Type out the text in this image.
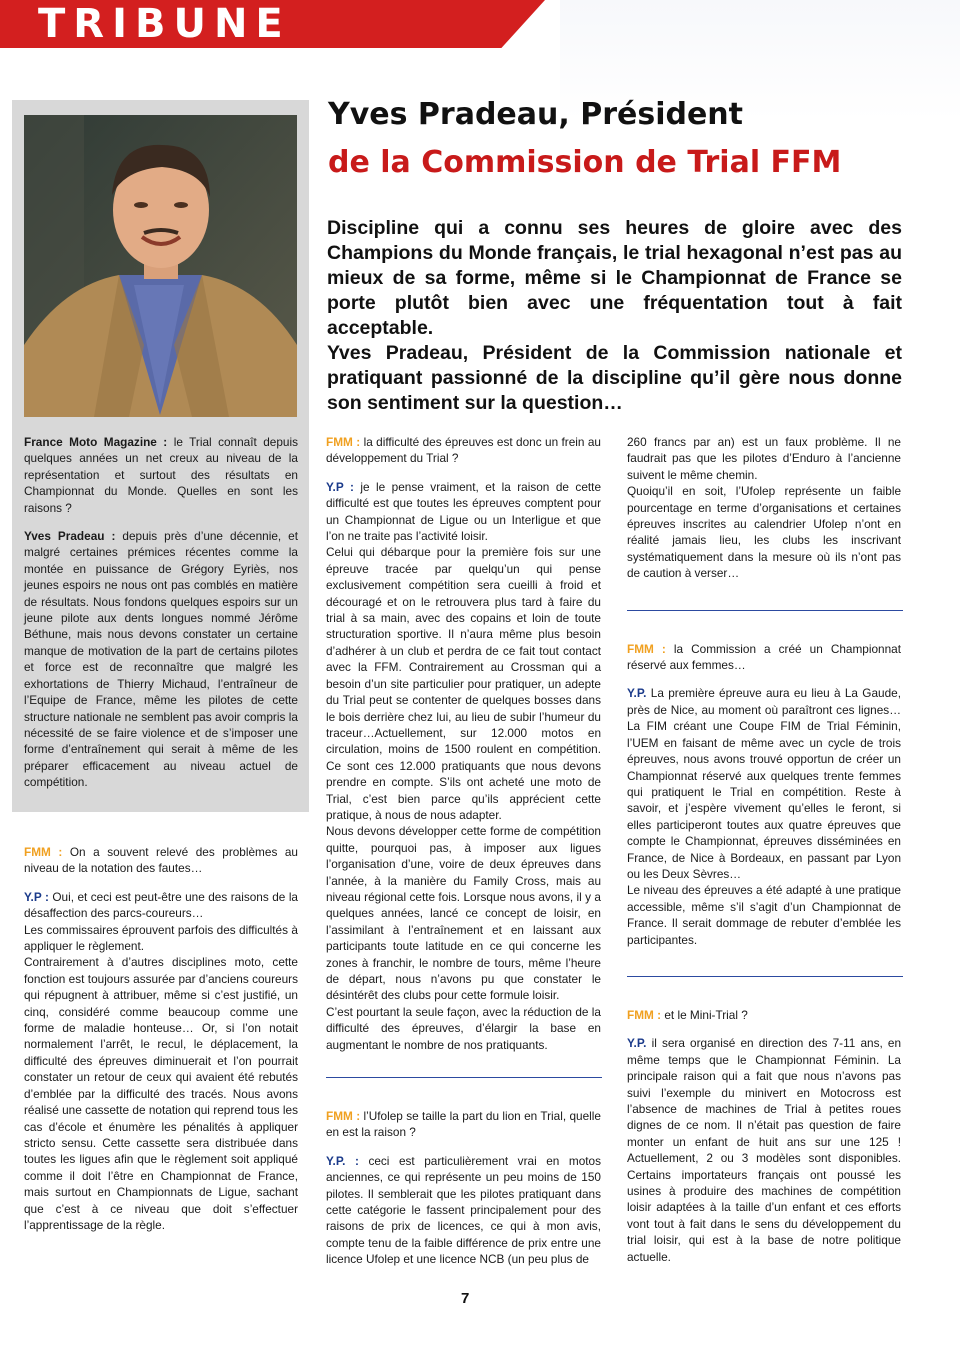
TRIBUNE
Yves Pradeau, Président
de la Commission de Trial FFM

Discipline qui a connu ses heures de gloire avec des Champions du Monde français, le trial hexagonal n’est pas au mieux de sa forme, même si le Championnat de France se porte plutôt bien avec une fréquentation tout à fait acceptable.

Yves Pradeau, Président de la Commission nationale et pratiquant passionné de la discipline qu’il gère nous donne son sentiment sur la question…

France Moto Magazine : le Trial connaît depuis quelques années un net creux au niveau de la représentation et surtout des résultats en Championnat du Monde. Quelles en sont les raisons ?

Yves Pradeau : depuis près d’une décennie, et malgré certaines prémices récentes comme la montée en puissance de Grégory Eyriès, nos jeunes espoirs ne nous ont pas comblés en matière de résultats. Nous fondons quelques espoirs sur un jeune pilote aux dents longues nommé Jérôme Béthune, mais nous devons constater un certaine manque de motivation de la part de certains pilotes et force est de reconnaître que malgré les exhortations de Thierry Michaud, l’entraîneur de l’Equipe de France, même les pilotes de cette structure nationale ne semblent pas avoir compris la nécessité de se faire violence et de s’imposer une forme d’entraînement qui serait à même de les préparer efficacement au niveau actuel de compétition.

FMM : On a souvent relevé des problèmes au niveau de la notation des fautes…

Y.P : Oui, et ceci est peut-être une des raisons de la désaffection des parcs-coureurs…

Les commissaires éprouvent parfois des difficultés à appliquer le règlement.

Contrairement à d’autres disciplines moto, cette fonction est toujours assurée par d’anciens coureurs qui répugnent à attribuer, même si c’est justifié, un cinq, considéré comme beaucoup comme une forme de maladie honteuse… Or, si l’on notait normalement l’arrêt, le recul, le déplacement, la difficulté des épreuves diminuerait et l’on pourrait constater un retour de ceux qui avaient été rebutés d’emblée par la difficulté des tracés. Nous avons réalisé une cassette de notation qui reprend tous les cas d’école et énumère les pénalités à appliquer stricto sensu. Cette cassette sera distribuée dans toutes les ligues afin que le règlement soit appliqué comme il doit l’être en Championnat de France, mais surtout en Championnats de Ligue, sachant que c’est à ce niveau que doit s’effectuer l’apprentissage de la règle.

FMM : la difficulté des épreuves est donc un frein au développement du Trial ?

Y.P : je le pense vraiment, et la raison de cette difficulté est que toutes les épreuves comptent pour un Championnat de Ligue ou un Interligue et que l’on ne traite pas l’activité loisir.

Celui qui débarque pour la première fois sur une épreuve tracée par quelqu’un qui pense exclusivement compétition sera cueilli à froid et découragé et on le retrouvera plus tard à faire du trial à sa main, avec des copains et loin de toute structuration sportive. Il n’aura même plus besoin d’adhérer à un club et perdra de ce fait tout contact avec la FFM. Contrairement au Crossman qui a besoin d’un site particulier pour pratiquer, un adepte du Trial peut se contenter de quelques bosses dans le bois derrière chez lui, au lieu de subir l’humeur du traceur…Actuellement, sur 12.000 motos en circulation, moins de 1500 roulent en compétition. Ce sont ces 12.000 pratiquants que nous devons prendre en compte. S’ils ont acheté une moto de Trial, c’est bien parce qu’ils apprécient cette pratique, à nous de nous adapter.

Nous devons développer cette forme de compétition quitte, pourquoi pas, à imposer aux ligues l’organisation d’une, voire de deux épreuves dans l’année, à la manière du Family Cross, mais au niveau régional cette fois. Lorsque nous avons, il y a quelques années, lancé ce concept de loisir, en l’assimilant à l’entraînement et en laissant aux participants toute latitude en ce qui concerne les zones à franchir, le nombre de tours, même l’heure de départ, nous n’avons pu que constater le désintérêt des clubs pour cette formule loisir.

C’est pourtant la seule façon, avec la réduction de la difficulté des épreuves, d’élargir la base en augmentant le nombre de nos pratiquants.

FMM : l’Ufolep se taille la part du lion en Trial, quelle en est la raison ?

Y.P. : ceci est particulièrement vrai en motos anciennes, ce qui représente un peu moins de 150 pilotes. Il semblerait que les pilotes pratiquant dans cette catégorie le fassent principalement pour des raisons de prix de licences, ce qui à mon avis, compte tenu de la faible différence de prix entre une licence Ufolep et une licence NCB (un peu plus de

260 francs par an) est un faux problème. Il ne faudrait pas que les pilotes d’Enduro à l’ancienne suivent le même chemin.

Quoiqu’il en soit, l’Ufolep représente un faible pourcentage en terme d’organisations et certaines épreuves inscrites au calendrier Ufolep n’ont en réalité jamais lieu, les clubs les inscrivant systématiquement dans la mesure où ils n’ont pas de caution à verser…

FMM : la Commission a créé un Championnat réservé aux femmes…

Y.P. La première épreuve aura eu lieu à La Gaude, près de Nice, au moment où paraîtront ces lignes… La FIM créant une Coupe FIM de Trial Féminin, l’UEM en faisant de même avec un cycle de trois épreuves, nous avons trouvé opportun de créer un Championnat réservé aux quelques trente femmes qui pratiquent le Trial en compétition. Reste à savoir, et j’espère vivement qu’elles le feront, si elles participeront toutes aux quatre épreuves que compte le Championnat, épreuves disséminées en France, de Nice à Bordeaux, en passant par Lyon ou les Deux Sèvres…

Le niveau des épreuves a été adapté à une pratique accessible, même s’il s’agit d’un Championnat de France. Il serait dommage de rebuter d’emblée les participantes.

FMM : et le Mini-Trial ?

Y.P. il sera organisé en direction des 7-11 ans, en même temps que le Championnat Féminin. La principale raison qui a fait que nous n’avons pas suivi l’exemple du minivert en Motocross est l’absence de machines de Trial à petites roues dignes de ce nom. Il n’était pas question de faire monter un enfant de huit ans sur une 125 ! Actuellement, 2 ou 3 modèles sont disponibles. Certains importateurs français ont poussé les usines à produire des machines de compétition loisir adaptées à la taille d’un enfant et ces efforts vont tout à fait dans le sens du développement du trial loisir, qui est à la base de notre politique actuelle.

7
